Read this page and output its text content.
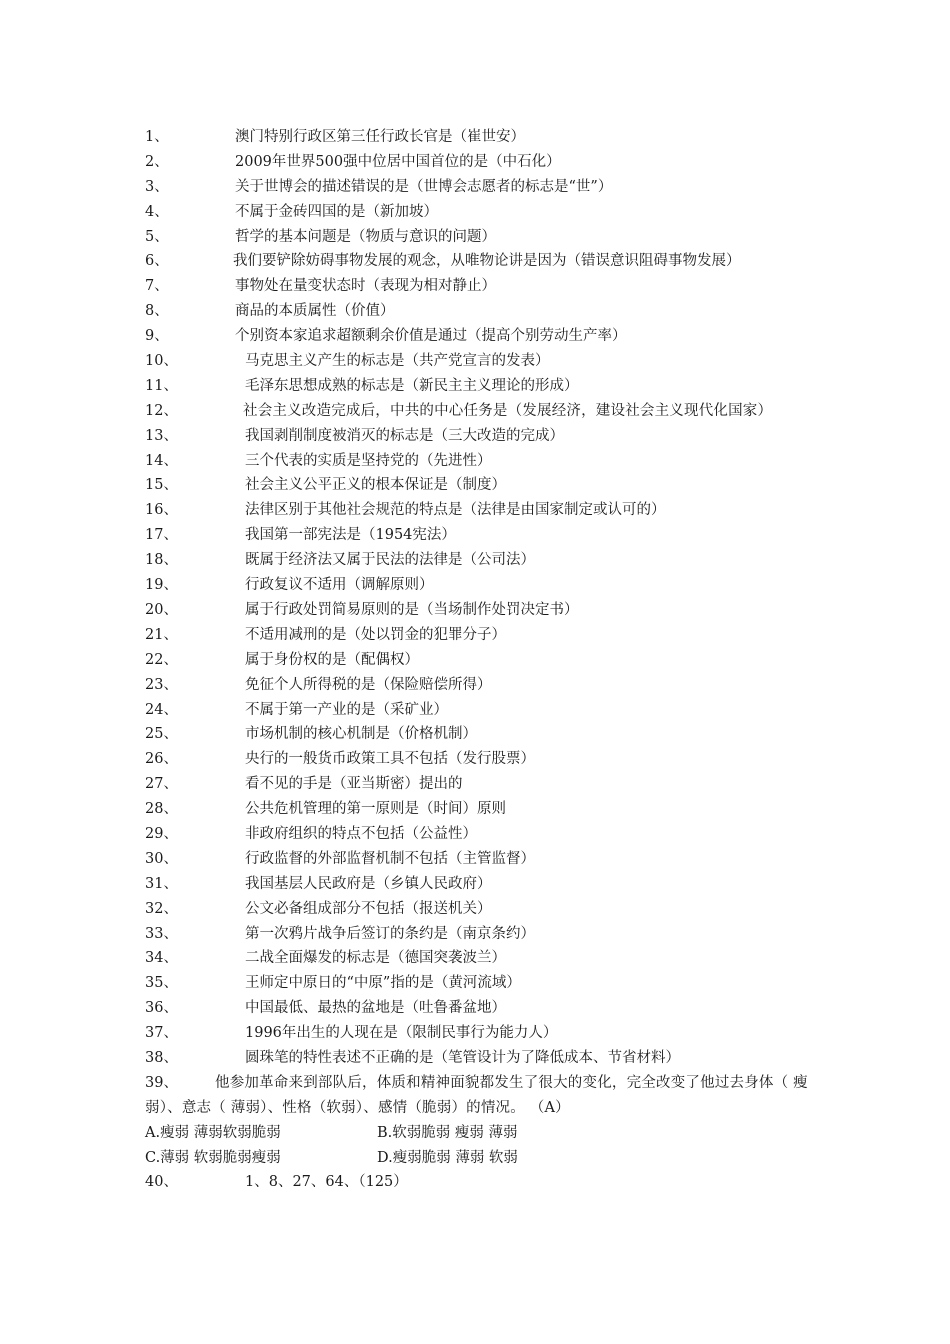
1、	澳门特别行政区第三任行政长官是（崔世安）
2、	2009年世界500强中位居中国首位的是（中石化）
3、	关于世博会的描述错误的是（世博会志愿者的标志是“世”）
4、	不属于金砖四国的是（新加坡）
5、	哲学的基本问题是（物质与意识的问题）
6、	我们要铲除妨碍事物发展的观念，从唯物论讲是因为（错误意识阻碍事物发展）
7、	事物处在量变状态时（表现为相对静止）
8、	商品的本质属性（价值）
9、	个别资本家追求超额剩余价值是通过（提高个别劳动生产率）
10、	马克思主义产生的标志是（共产党宣言的发表）
11、	毛泽东思想成熟的标志是（新民主主义理论的形成）
12、	社会主义改造完成后，中共的中心任务是（发展经济，建设社会主义现代化国家）
13、	我国剥削制度被消灭的标志是（三大改造的完成）
14、	三个代表的实质是坚持党的（先进性）
15、	社会主义公平正义的根本保证是（制度）
16、	法律区别于其他社会规范的特点是（法律是由国家制定或认可的）
17、	我国第一部宪法是（1954宪法）
18、	既属于经济法又属于民法的法律是（公司法）
19、	行政复议不适用（调解原则）
20、	属于行政处罚简易原则的是（当场制作处罚决定书）
21、	不适用减刑的是（处以罚金的犯罪分子）
22、	属于身份权的是（配偶权）
23、	免征个人所得税的是（保险赔偿所得）
24、	不属于第一产业的是（采矿业）
25、	市场机制的核心机制是（价格机制）
26、	央行的一般货币政策工具不包括（发行股票）
27、	看不见的手是（亚当斯密）提出的
28、	公共危机管理的第一原则是（时间）原则
29、	非政府组织的特点不包括（公益性）
30、	行政监督的外部监督机制不包括（主管监督）
31、	我国基层人民政府是（乡镇人民政府）
32、	公文必备组成部分不包括（报送机关）
33、	第一次鸦片战争后签订的条约是（南京条约）
34、	二战全面爆发的标志是（德国突袭波兰）
35、	王师定中原日的“中原”指的是（黄河流域）
36、	中国最低、最热的盆地是（吐鲁番盆地）
37、	1996年出生的人现在是（限制民事行为能力人）
38、	圆珠笔的特性表述不正确的是（笔管设计为了降低成本、节省材料）
39、	他参加革命来到部队后，体质和精神面貌都发生了很大的变化，完全改变了他过去身体（ 瘦弱）、意志（ 薄弱）、性格（软弱）、感情（脆弱）的情况。 （A）
A.瘦弱 薄弱软弱脆弱	B.软弱脆弱 瘦弱 薄弱
C.薄弱 软弱脆弱瘦弱	D.瘦弱脆弱 薄弱 软弱
40、	1、8、27、64、（125）
